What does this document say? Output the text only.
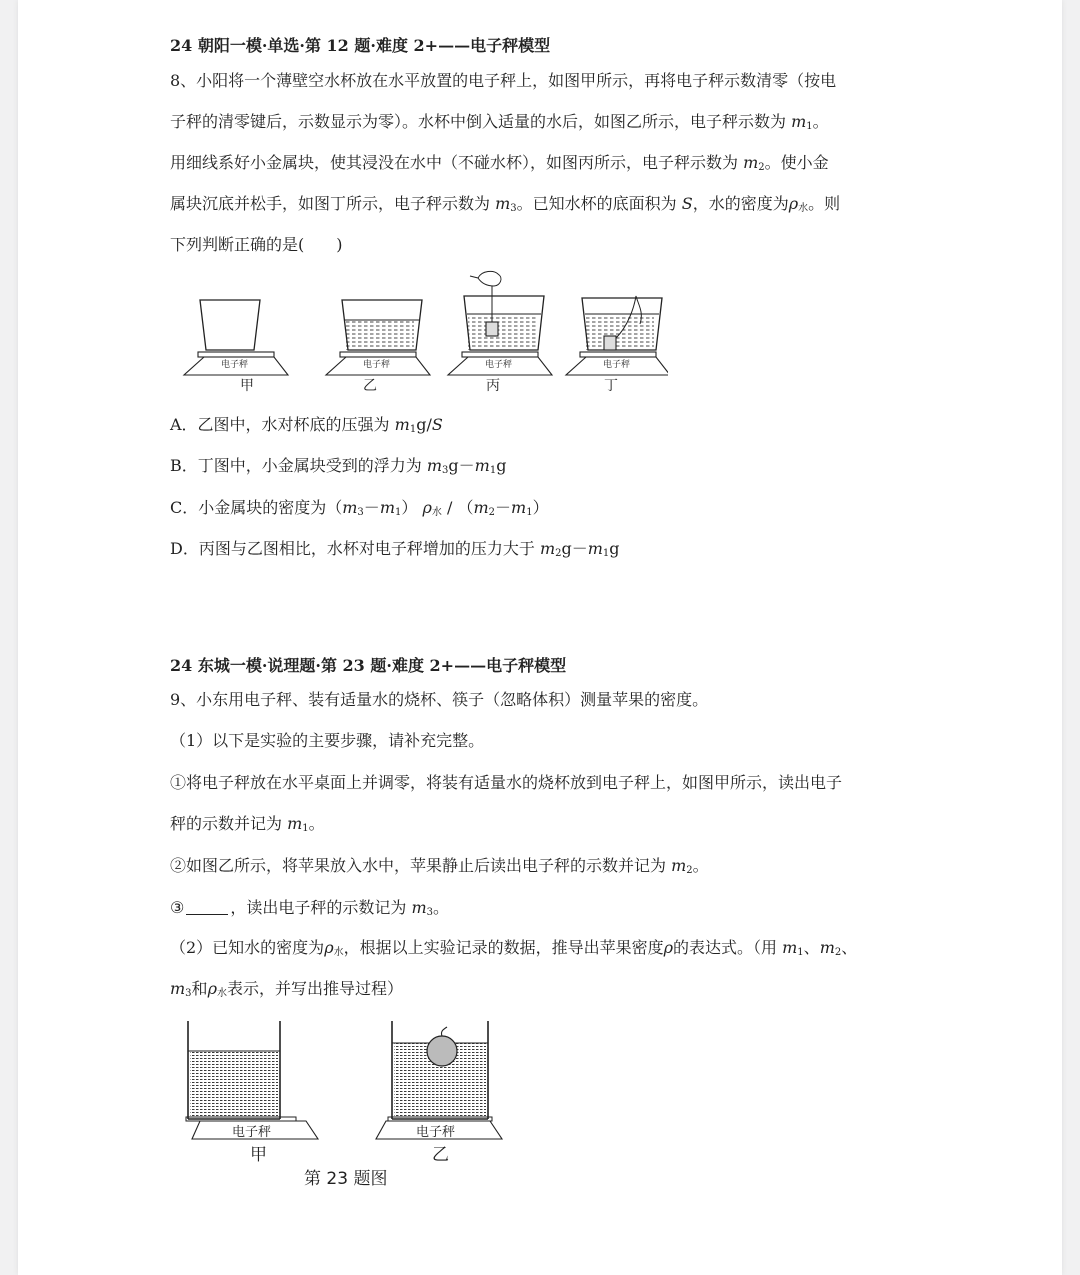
24 朝阳一模·单选·第 12 题·难度 2+——电子秤模型
8、小阳将一个薄壁空水杯放在水平放置的电子秤上，如图甲所示，再将电子秤示数清零（按电
子秤的清零键后，示数显示为零）。水杯中倒入适量的水后，如图乙所示，电子秤示数为 $m_1$。
用细线系好小金属块，使其浸没在水中（不碰水杯），如图丙所示，电子秤示数为 $m_2$。使小金
属块沉底并松手，如图丁所示，电子秤示数为 $m_3$。已知水杯的底面积为 S，水的密度为$\rho_水$。则
下列判断正确的是(　　)
电子秤
甲
电子秤
乙
电子秤
丙
电子秤
丁
A．乙图中，水对杯底的压强为 $m_1g/S$
B．丁图中，小金属块受到的浮力为 $m_3g-m_1g$
C．小金属块的密度为$(m_3-m_1)$ $\rho_水 / (m_2-m_1)$
D．丙图与乙图相比，水杯对电子秤增加的压力大于 $m_2g-m_1g$
24 东城一模·说理题·第 23 题·难度 2+——电子秤模型
9、小东用电子秤、装有适量水的烧杯、筷子（忽略体积）测量苹果的密度。
（1）以下是实验的主要步骤，请补充完整。
①将电子秤放在水平桌面上并调零，将装有适量水的烧杯放到电子秤上，如图甲所示，读出电子
秤的示数并记为 $m_1$。
②如图乙所示，将苹果放入水中，苹果静止后读出电子秤的示数并记为 $m_2$。
③	，读出电子秤的示数记为 $m_3$。
（2）已知水的密度为$\rho_水$，根据以上实验记录的数据，推导出苹果密度ρ的表达式。（用 $m_1$、$m_2$、
$m_3$和$\rho_水$表示，并写出推导过程）
电子秤
甲
电子秤
乙
第 23 题图
